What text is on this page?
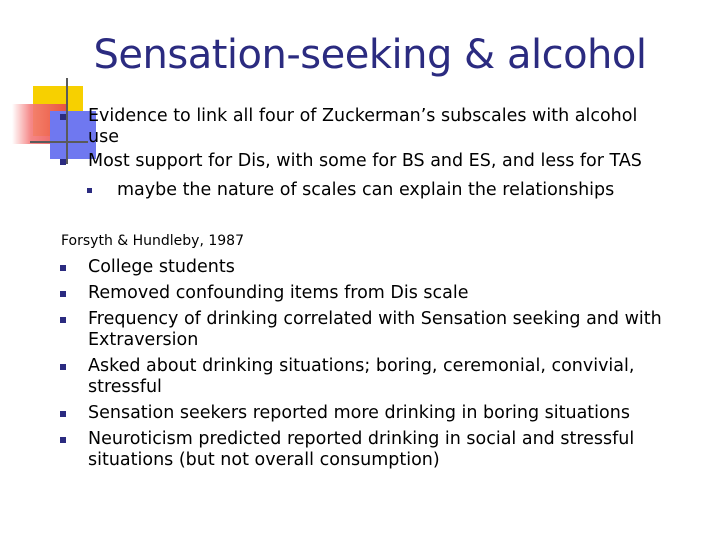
Sensation-seeking & alcohol
Evidence to link all four of Zuckerman’s subscales with alcohol use
Most support for Dis, with some for BS and ES, and less for TAS
maybe the nature of scales can explain the relationships
Forsyth & Hundleby, 1987
College students
Removed confounding items from Dis scale
Frequency of drinking correlated with Sensation seeking and with Extraversion
Asked about drinking situations; boring, ceremonial, convivial, stressful
Sensation seekers reported more drinking in boring situations
Neuroticism predicted reported drinking in social and stressful situations (but not overall consumption)
